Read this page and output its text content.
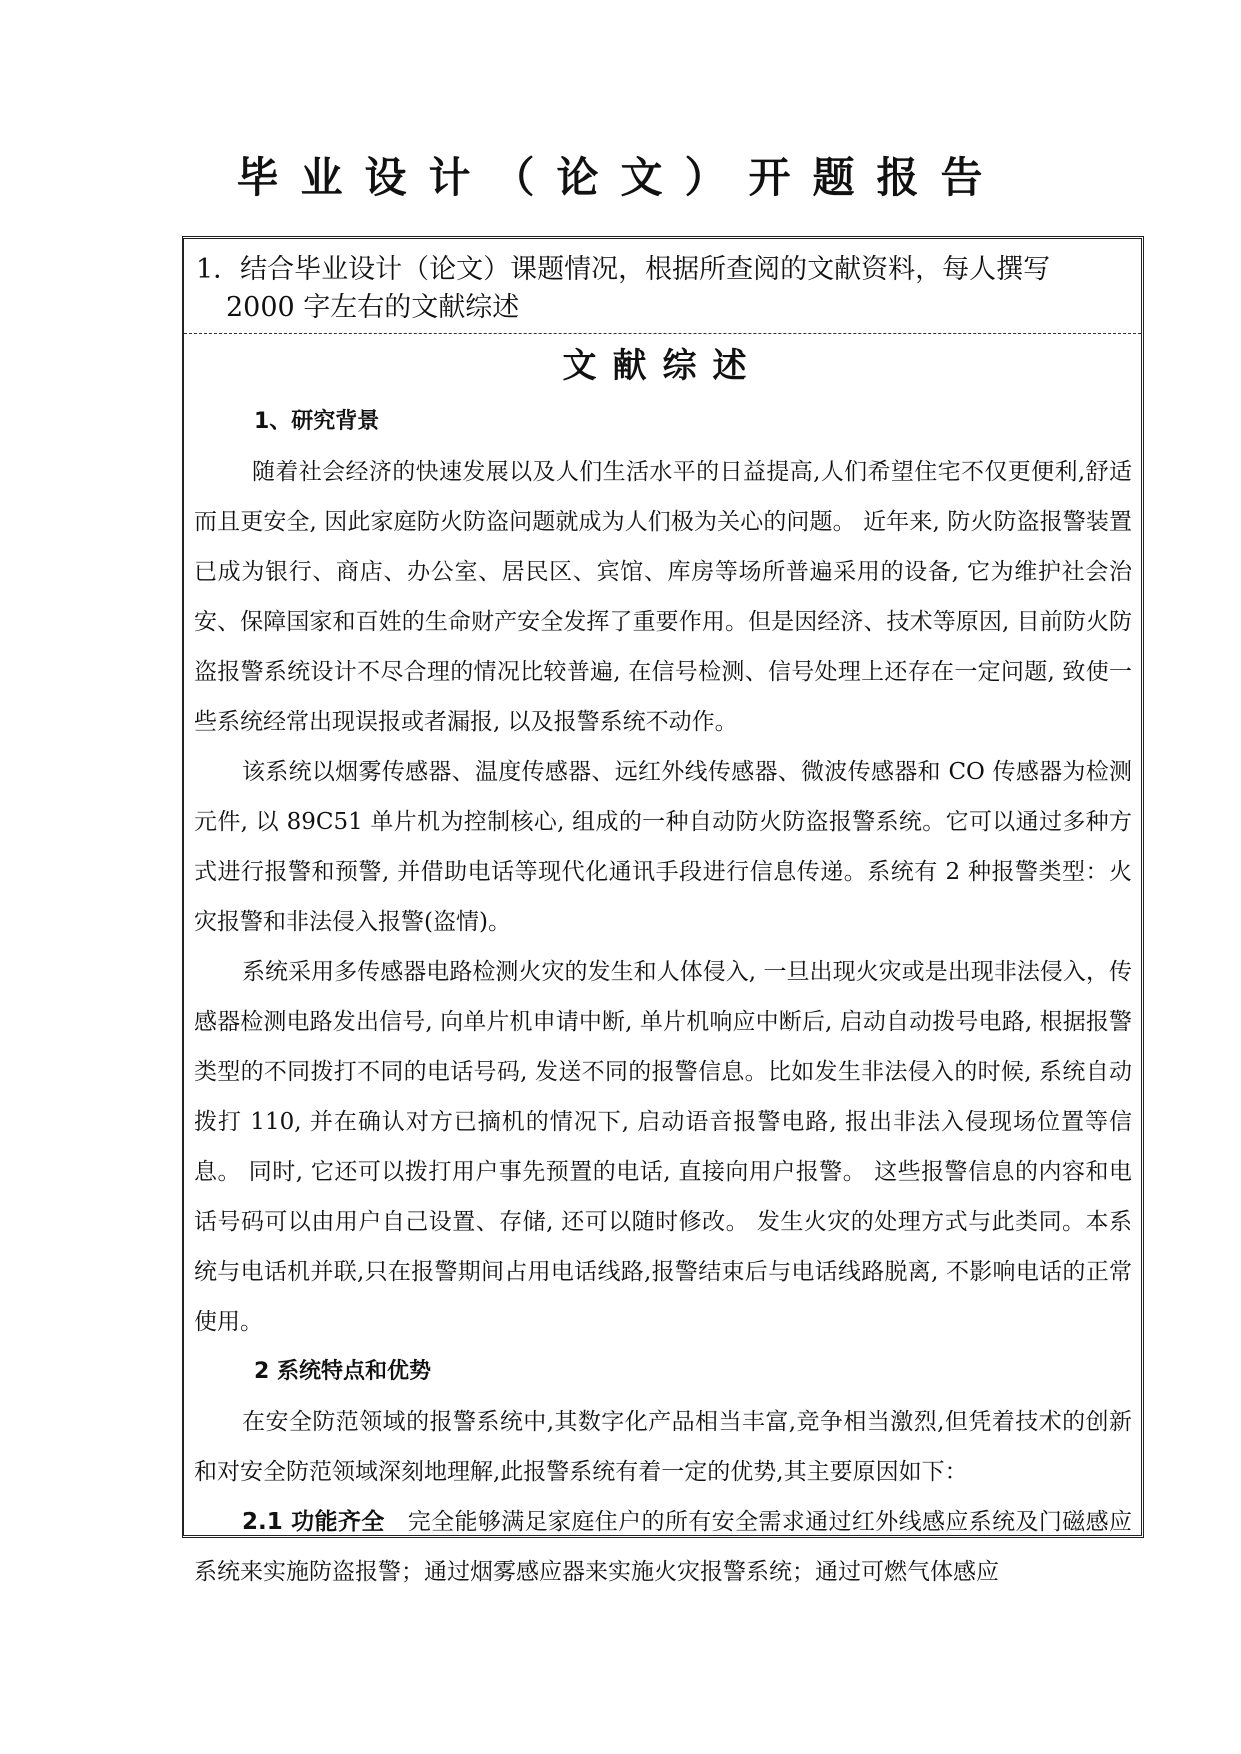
毕业设计（论文）开题报告
1．结合毕业设计（论文）课题情况，根据所查阅的文献资料，每人撰写
2000 字左右的文献综述
文献综述

1、研究背景

随着社会经济的快速发展以及人们生活水平的日益提高,人们希望住宅不仅更便利,舒适而且更安全, 因此家庭防火防盗问题就成为人们极为关心的问题。 近年来, 防火防盗报警装置已成为银行、商店、办公室、居民区、宾馆、库房等场所普遍采用的设备, 它为维护社会治安、保障国家和百姓的生命财产安全发挥了重要作用。但是因经济、技术等原因, 目前防火防盗报警系统设计不尽合理的情况比较普遍, 在信号检测、信号处理上还存在一定问题, 致使一些系统经常出现误报或者漏报, 以及报警系统不动作。

该系统以烟雾传感器、温度传感器、远红外线传感器、微波传感器和 CO 传感器为检测元件, 以 89C51 单片机为控制核心, 组成的一种自动防火防盗报警系统。它可以通过多种方式进行报警和预警, 并借助电话等现代化通讯手段进行信息传递。系统有 2 种报警类型：火灾报警和非法侵入报警(盗情)。

系统采用多传感器电路检测火灾的发生和人体侵入, 一旦出现火灾或是出现非法侵入，传感器检测电路发出信号, 向单片机申请中断, 单片机响应中断后, 启动自动拨号电路, 根据报警类型的不同拨打不同的电话号码, 发送不同的报警信息。比如发生非法侵入的时候, 系统自动拨打 110, 并在确认对方已摘机的情况下, 启动语音报警电路, 报出非法入侵现场位置等信息。 同时, 它还可以拨打用户事先预置的电话, 直接向用户报警。 这些报警信息的内容和电话号码可以由用户自己设置、存储, 还可以随时修改。 发生火灾的处理方式与此类同。本系统与电话机并联,只在报警期间占用电话线路,报警结束后与电话线路脱离, 不影响电话的正常使用。

2 系统特点和优势

在安全防范领域的报警系统中,其数字化产品相当丰富,竞争相当激烈,但凭着技术的创新和对安全防范领域深刻地理解,此报警系统有着一定的优势,其主要原因如下：

2.1 功能齐全 完全能够满足家庭住户的所有安全需求通过红外线感应系统及门磁感应系统来实施防盗报警；通过烟雾感应器来实施火灾报警系统；通过可燃气体感应
